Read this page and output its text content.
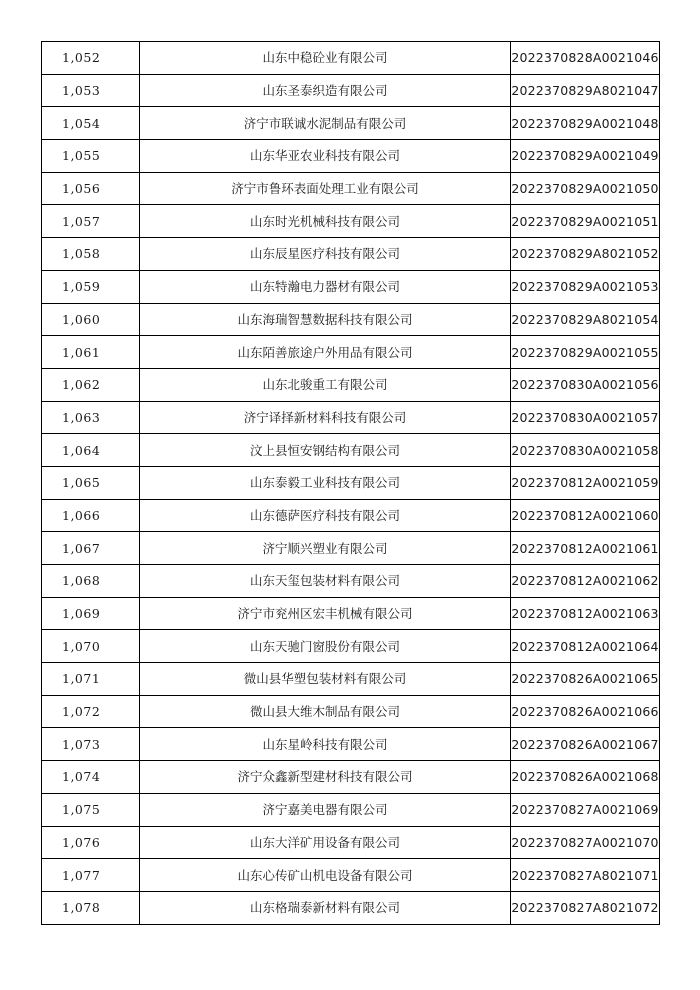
1,052	山东中稳砼业有限公司	2022370828A0021046
1,053	山东圣泰织造有限公司	2022370829A8021047
1,054	济宁市联诚水泥制品有限公司	2022370829A0021048
1,055	山东华亚农业科技有限公司	2022370829A0021049
1,056	济宁市鲁环表面处理工业有限公司	2022370829A0021050
1,057	山东时光机械科技有限公司	2022370829A0021051
1,058	山东辰星医疗科技有限公司	2022370829A8021052
1,059	山东特瀚电力器材有限公司	2022370829A0021053
1,060	山东海瑞智慧数据科技有限公司	2022370829A8021054
1,061	山东陌善旅途户外用品有限公司	2022370829A0021055
1,062	山东北骏重工有限公司	2022370830A0021056
1,063	济宁译择新材料科技有限公司	2022370830A0021057
1,064	汶上县恒安钢结构有限公司	2022370830A0021058
1,065	山东泰毅工业科技有限公司	2022370812A0021059
1,066	山东德萨医疗科技有限公司	2022370812A0021060
1,067	济宁顺兴塑业有限公司	2022370812A0021061
1,068	山东天玺包装材料有限公司	2022370812A0021062
1,069	济宁市兖州区宏丰机械有限公司	2022370812A0021063
1,070	山东天驰门窗股份有限公司	2022370812A0021064
1,071	微山县华塑包装材料有限公司	2022370826A0021065
1,072	微山县大维木制品有限公司	2022370826A0021066
1,073	山东星岭科技有限公司	2022370826A0021067
1,074	济宁众鑫新型建材科技有限公司	2022370826A0021068
1,075	济宁嘉美电器有限公司	2022370827A0021069
1,076	山东大洋矿用设备有限公司	2022370827A0021070
1,077	山东心传矿山机电设备有限公司	2022370827A8021071
1,078	山东格瑞泰新材料有限公司	2022370827A8021072
